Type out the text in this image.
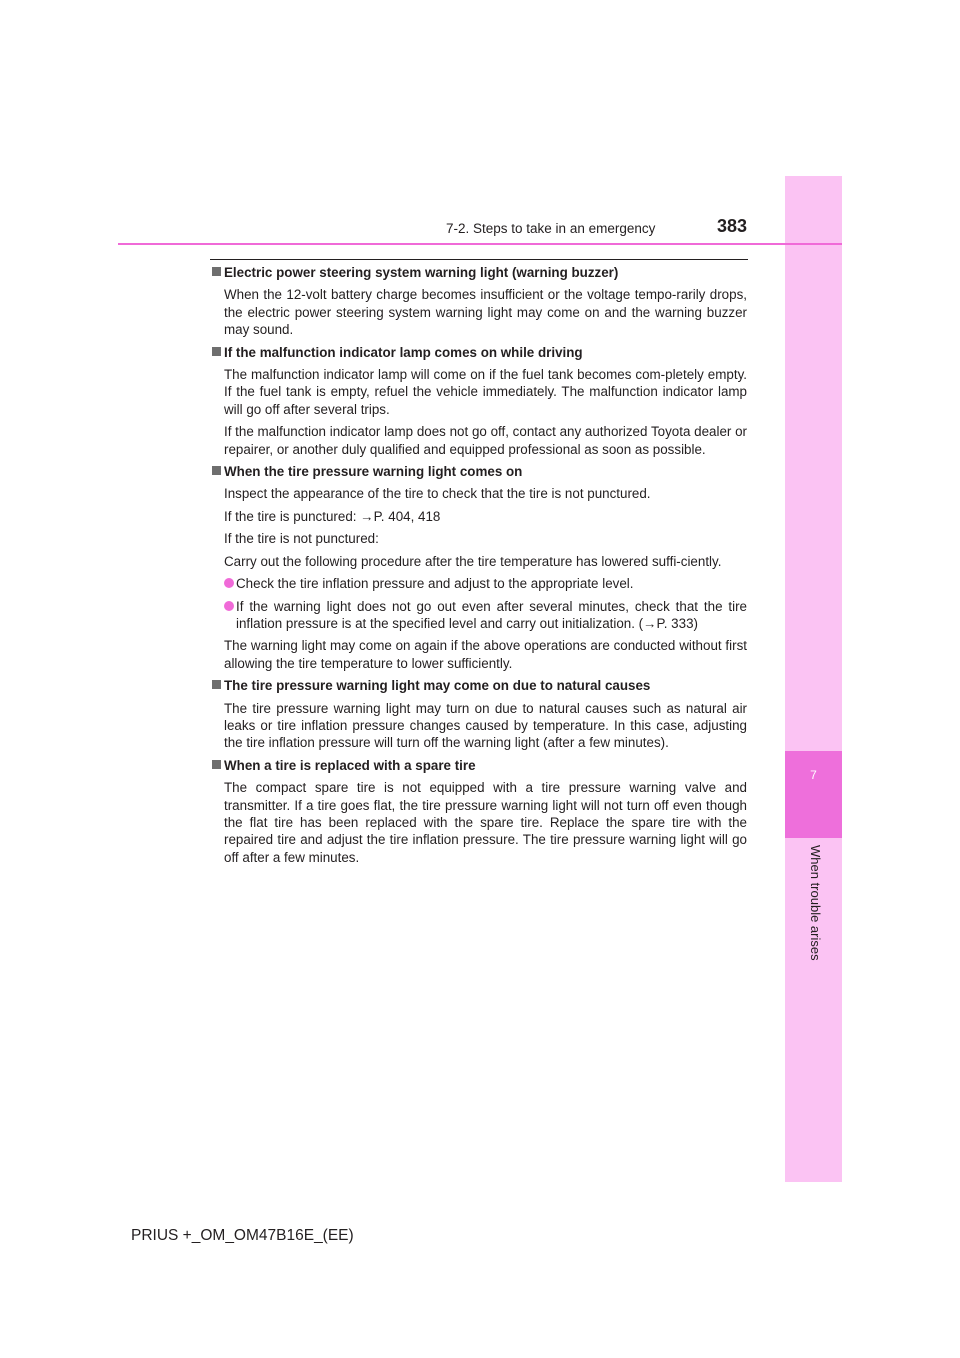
7
When trouble arises
7-2. Steps to take in an emergency	383
Electric power steering system warning light (warning buzzer)

When the 12-volt battery charge becomes insufficient or the voltage tempo-rarily drops, the electric power steering system warning light may come on and the warning buzzer may sound.

If the malfunction indicator lamp comes on while driving

The malfunction indicator lamp will come on if the fuel tank becomes com-pletely empty. If the fuel tank is empty, refuel the vehicle immediately. The malfunction indicator lamp will go off after several trips.

If the malfunction indicator lamp does not go off, contact any authorized Toyota dealer or repairer, or another duly qualified and equipped professional as soon as possible.

When the tire pressure warning light comes on

Inspect the appearance of the tire to check that the tire is not punctured.

If the tire is punctured: →P. 404, 418

If the tire is not punctured:

Carry out the following procedure after the tire temperature has lowered suffi-ciently.

Check the tire inflation pressure and adjust to the appropriate level.
If the warning light does not go out even after several minutes, check that the tire inflation pressure is at the specified level and carry out initialization. (→P. 333)

The warning light may come on again if the above operations are conducted without first allowing the tire temperature to lower sufficiently.

The tire pressure warning light may come on due to natural causes

The tire pressure warning light may turn on due to natural causes such as natural air leaks or tire inflation pressure changes caused by temperature. In this case, adjusting the tire inflation pressure will turn off the warning light (after a few minutes).

When a tire is replaced with a spare tire

The compact spare tire is not equipped with a tire pressure warning valve and transmitter. If a tire goes flat, the tire pressure warning light will not turn off even though the flat tire has been replaced with the spare tire. Replace the spare tire with the repaired tire and adjust the tire inflation pressure. The tire pressure warning light will go off after a few minutes.

PRIUS +_OM_OM47B16E_(EE)
